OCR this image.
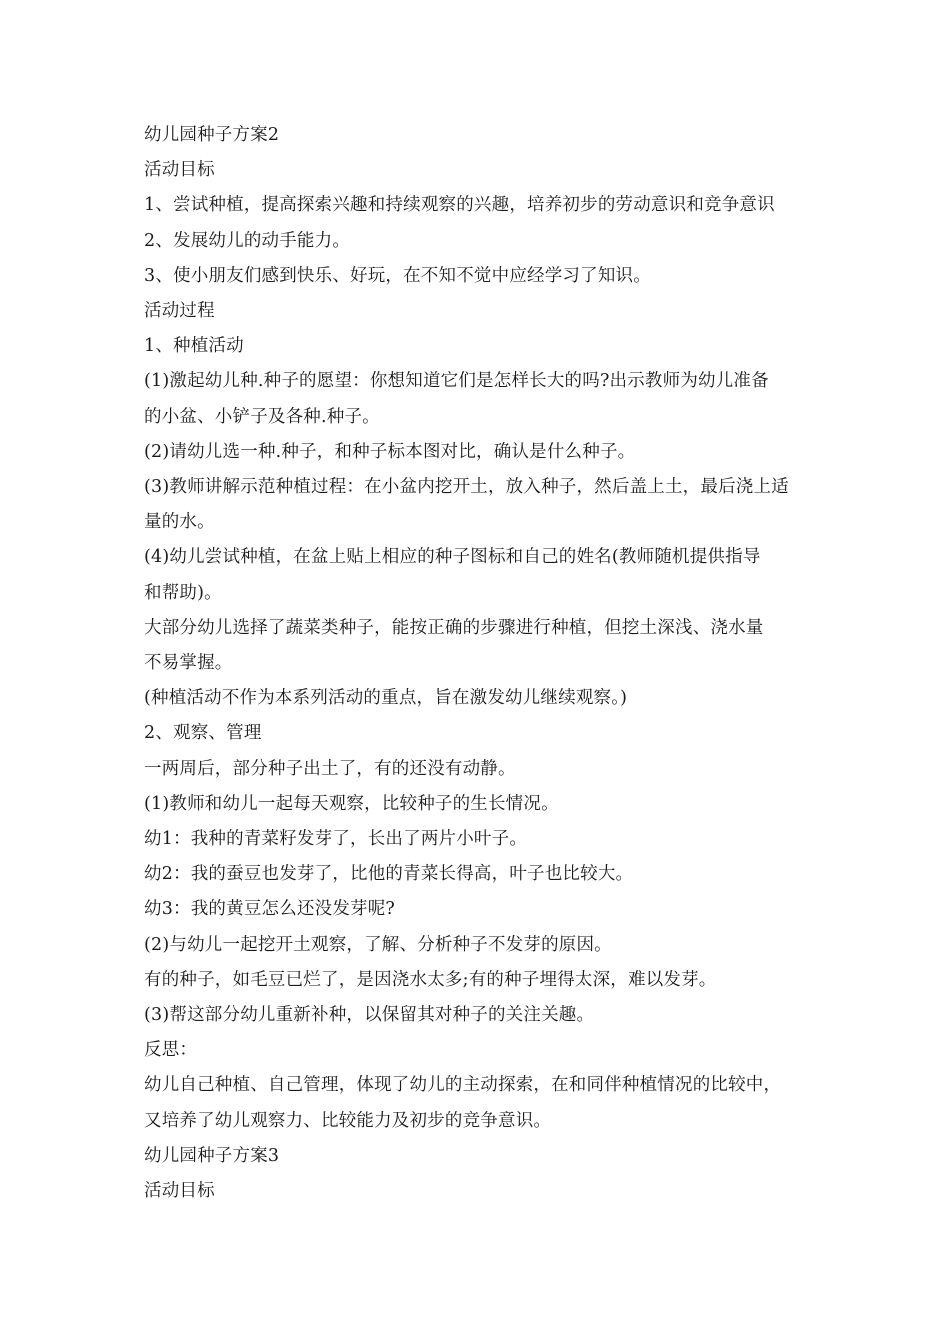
幼儿园种子方案2

活动目标

1、尝试种植，提高探索兴趣和持续观察的兴趣，培养初步的劳动意识和竞争意识

2、发展幼儿的动手能力。

3、使小朋友们感到快乐、好玩，在不知不觉中应经学习了知识。

活动过程

1、种植活动

(1)激起幼儿种.种子的愿望：你想知道它们是怎样长大的吗?出示教师为幼儿准备

的小盆、小铲子及各种.种子。

(2)请幼儿选一种.种子，和种子标本图对比，确认是什么种子。

(3)教师讲解示范种植过程：在小盆内挖开土，放入种子，然后盖上土，最后浇上适

量的水。

(4)幼儿尝试种植，在盆上贴上相应的种子图标和自己的姓名(教师随机提供指导

和帮助)。

大部分幼儿选择了蔬菜类种子，能按正确的步骤进行种植，但挖土深浅、浇水量

不易掌握。

(种植活动不作为本系列活动的重点，旨在激发幼儿继续观察。)

2、观察、管理

一两周后，部分种子出土了，有的还没有动静。

(1)教师和幼儿一起每天观察，比较种子的生长情况。

幼1：我种的青菜籽发芽了，长出了两片小叶子。

幼2：我的蚕豆也发芽了，比他的青菜长得高，叶子也比较大。

幼3：我的黄豆怎么还没发芽呢?

(2)与幼儿一起挖开土观察，了解、分析种子不发芽的原因。

有的种子，如毛豆已烂了，是因浇水太多;有的种子埋得太深，难以发芽。

(3)帮这部分幼儿重新补种，以保留其对种子的关注关趣。

反思：

幼儿自己种植、自己管理，体现了幼儿的主动探索，在和同伴种植情况的比较中，

又培养了幼儿观察力、比较能力及初步的竞争意识。

幼儿园种子方案3

活动目标
